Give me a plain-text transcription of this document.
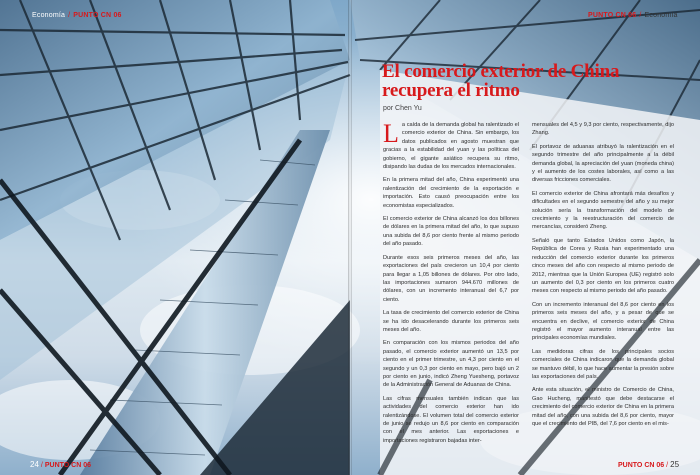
Economía / PUNTO CN 06	PUNTO CN 06 / Economía
24 / PUNTO CN 06	PUNTO CN 06 / 25
El comercio exterior de China recupera el ritmo
por Chen Yu

La caída de la demanda global ha ralentizado el comercio exterior de China. Sin embargo, los datos publicados en agosto muestran que gracias a la estabilidad del yuan y las políticas del gobierno, el gigante asiático recupera su ritmo, disipando las dudas de los mercados internacionales.

En la primera mitad del año, China experimentó una ralentización del crecimiento de la exportación e importación. Esto causó preocupación entre los economistas especializados.

El comercio exterior de China alcanzó los dos billones de dólares en la primera mitad del año, lo que supuso una subida del 8,6 por ciento frente al mismo periodo del año pasado.

Durante esos seis primeros meses del año, las exportaciones del país crecieron un 10,4 por ciento para llegar a 1,05 billones de dólares. Por otro lado, las importaciones sumaron 944.670 millones de dólares, con un incremento interanual del 6,7 por ciento.

La tasa de crecimiento del comercio exterior de China se ha ido desacelerando durante los primeros seis meses del año.

En comparación con los mismos periodos del año pasado, el comercio exterior aumentó un 13,5 por ciento en el primer trimestre, un 4,3 por ciento en el segundo y un 0,3 por ciento en mayo, pero bajó un 2 por ciento en junio, indicó Zheng Yuesheng, portavoz de la Administración General de Aduanas de China.

Las cifras mensuales también indican que las actividades del comercio exterior han ido ralentizándose. El volumen total del comercio exterior de junio se redujo un 8,6 por ciento en comparación con el mes anterior. Las exportaciones e importaciones registraron bajadas inter-

mensuales del 4,5 y 9,3 por ciento, respectivamente, dijo Zhang.

El portavoz de aduanas atribuyó la ralentización en el segundo trimestre del año principalmente a la débil demanda global, la apreciación del yuan (moneda china) y el aumento de los costes laborales, así como a las diversas fricciones comerciales.

El comercio exterior de China afrontará más desafíos y dificultades en el segundo semestre del año y su mejor solución sería la transformación del modelo de crecimiento y la reestructuración del comercio de mercancías, consideró Zheng.

Señaló que tanto Estados Unidos como Japón, la República de Corea y Rusia han experimentado una reducción del comercio exterior durante los primeros cinco meses del año con respecto al mismo periodo de 2012, mientras que la Unión Europea (UE) registró solo un aumento del 0,3 por ciento en los primeros cuatro meses con respecto al mismo periodo del año pasado.

Con un incremento interanual del 8,6 por ciento en los primeros seis meses del año, y a pesar de que se encuentra en declive, el comercio exterior de China registró el mayor aumento interanual entre las principales economías mundiales.

Las medidoras cifras de los principales socios comerciales de China indicaron que la demanda global se mantuvo débil, lo que hace aumentar la presión sobre las exportaciones del país.

Ante esta situación, el ministro de Comercio de China, Gao Hucheng, manifestó que debe destacarse el crecimiento del comercio exterior de China en la primera mitad del año, con una subida del 8,6 por ciento, mayor que el crecimiento del PIB, del 7,6 por ciento en el mis-
